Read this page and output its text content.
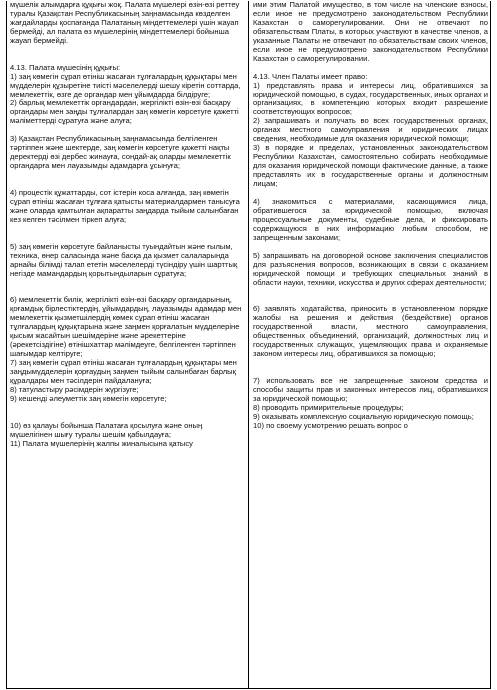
мүшелік алымдарға құқығы жоқ. Палата мүшелері өзін-өзі реттеу туралы Қазақстан Республикасының заңнамасында көзделген жағдайларды қоспағанда Палатаның міндеттемелері үшін жауап бермейді, ал палата өз мүшелерінің міндеттемелері бойынша жауап бермейді.

4.13. Палата мүшесінің құқығы:

1) заң көмегін сұрап өтініш жасаған тұлғалардың құқықтары мен мүдделерін құзыретіне тиісті мәселелерді шешу кіретін соттарда, мемлекеттік, өзге де органдар мен ұйымдарда білдіруге;

2) барлық мемлекеттік органдардан, жергілікті өзін-өзі басқару органдары мен заңды тұлғалардан заң көмегін көрсетуге қажетті мәліметтерді сұратуға және алуға;

3) Қазақстан Республикасының заңнамасында белгіленген тәртіппен және шектерде, заң көмегін көрсетуге қажетті нақты деректерді өзі дербес жинауға, сондай-ақ оларды мемлекеттік органдарға мен лауазымды адамдарға ұсынуға;

4) процестік құжаттарды, сот істерін коса алғанда, заң көмегін сұрап өтініш жасаған тұлғаға қатысты материалдармен танысуға және оларда қамтылған ақпаратты заңдарда тыйым салынбаған кез келген тәсілмен тіркеп алуға;

5) заң көмегін көрсетуге байланысты туындайтын және ғылым, техника, өнер саласында және басқа да қызмет салаларында арнайы білімді талап ететін мәселелерді түсіндіру үшін шарттық негізде мамандардың қорытындыларын сұратуға;

6) мемлекеттік билік, жергілікті өзін-өзі басқару органдарының, қоғамдық бірлестіктердің, ұйымдардың, лауазымды адамдар мен мемлекеттік қызметшілердің көмек сұрап өтініш жасаған тұлғалардың құқықтарына және заңмен қорғалатын мүдделеріне қысым жасайтын шешімдеріне және әрекеттеріне (әрекетсіздігіне) өтінішхаттар мәлімдеуге, белгіленген тәртіппен шағымдар келтіруге;

7) заң көмегін сұрап өтініш жасаған тұлғалардың құқықтары мен заңдымүдделерін қорғаудың заңмен тыйым салынбаған барлық құралдары мен тәсілдерін пайдалануға;

8) татуластыру рәсімдерін жүргізуге;

9) кешенді әлеуметтік заң көмегін көрсетуге;

10) өз қалауы бойынша Палатаға қосылуға және оның мүшелігінен шығу туралы шешім қабылдауға;

11) Палата мүшелерінің жалпы жиналысына қатысу

ими этим Палатой имущество, в том числе на членские взносы, если иное не предусмотрено законодательством Республики Казахстан о саморегулировании. Они не отвечают по обязательствам Платы, в которых участвуют в качестве членов, а указанные Палаты не отвечают по обязательствам своих членов, если иное не предусмотрено законодательством Республики Казахстан о саморегулировании.

4.13. Член Палаты имеет право:

1) представлять права и интересы лиц, обратившихся за юридической помощью, в судах, государственных, иных органах и организациях, в компетенцию которых входит разрешение соответствующих вопросов;

2) запрашивать и получать во всех государственных органах, органах местного самоуправления и юридических лицах сведения, необходимые для оказания юридической помощи;

3) в порядке и пределах, установленных законодательством Республики Казахстан, самостоятельно собирать необходимые для оказания юридической помощи фактические данные, а также представлять их в государственные органы и должностным лицам;

4) знакомиться с материалами, касающимися лица, обратившегося за юридической помощью, включая процессуальные документы, судебные дела, и фиксировать содержащуюся в них информацию любым способом, не запрещенным законами;

5) запрашивать на договорной основе заключения специалистов для разъяснения вопросов, возникающих в связи с оказанием юридической помощи и требующих специальных знаний в области науки, техники, искусства и других сферах деятельности;

6) заявлять ходатайства, приносить в установленном порядке жалобы на решения и действия (бездействие) органов государственной власти, местного самоуправления, общественных объединений, организаций, должностных лиц и государственных служащих, ущемляющих права и охраняемые законом интересы лиц, обратившихся за помощью;

7) использовать все не запрещенные законом средства и способы защиты прав и законных интересов лиц, обратившихся за юридической помощью;

8) проводить примирительные процедуры;

9) оказывать комплексную социальную юридическую помощь;

10) по своему усмотрению решать вопрос о
